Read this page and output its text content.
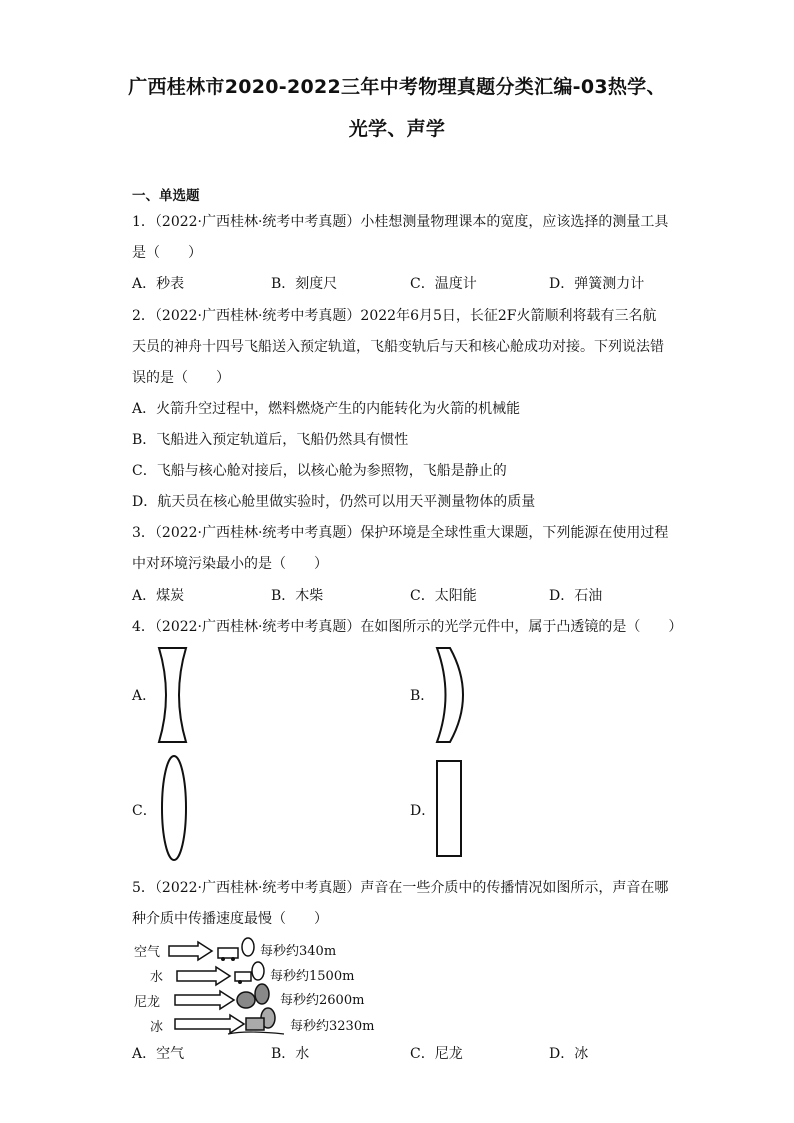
广西桂林市2020-2022三年中考物理真题分类汇编-03热学、
光学、声学
一、单选题
1．（2022·广西桂林·统考中考真题）小桂想测量物理课本的宽度，应该选择的测量工具
是（　　）
A．秒表	B．刻度尺	C．温度计	D．弹簧测力计
2．（2022·广西桂林·统考中考真题）2022年6月5日，长征2F火箭顺利将载有三名航
天员的神舟十四号飞船送入预定轨道，飞船变轨后与天和核心舱成功对接。下列说法错
误的是（　　）
A．火箭升空过程中，燃料燃烧产生的内能转化为火箭的机械能
B．飞船进入预定轨道后，飞船仍然具有惯性
C．飞船与核心舱对接后，以核心舱为参照物，飞船是静止的
D．航天员在核心舱里做实验时，仍然可以用天平测量物体的质量
3．（2022·广西桂林·统考中考真题）保护环境是全球性重大课题，下列能源在使用过程
中对环境污染最小的是（　　）
A．煤炭	B．木柴	C．太阳能	D．石油
4．（2022·广西桂林·统考中考真题）在如图所示的光学元件中，属于凸透镜的是（　　）
A．	B．
C．	D．
5．（2022·广西桂林·统考中考真题）声音在一些介质中的传播情况如图所示，声音在哪
种介质中传播速度最慢（　　）
空气	每秒约340m
水	每秒约1500m
尼龙	每秒约2600m
冰	每秒约3230m
A．空气	B．水	C．尼龙	D．冰
